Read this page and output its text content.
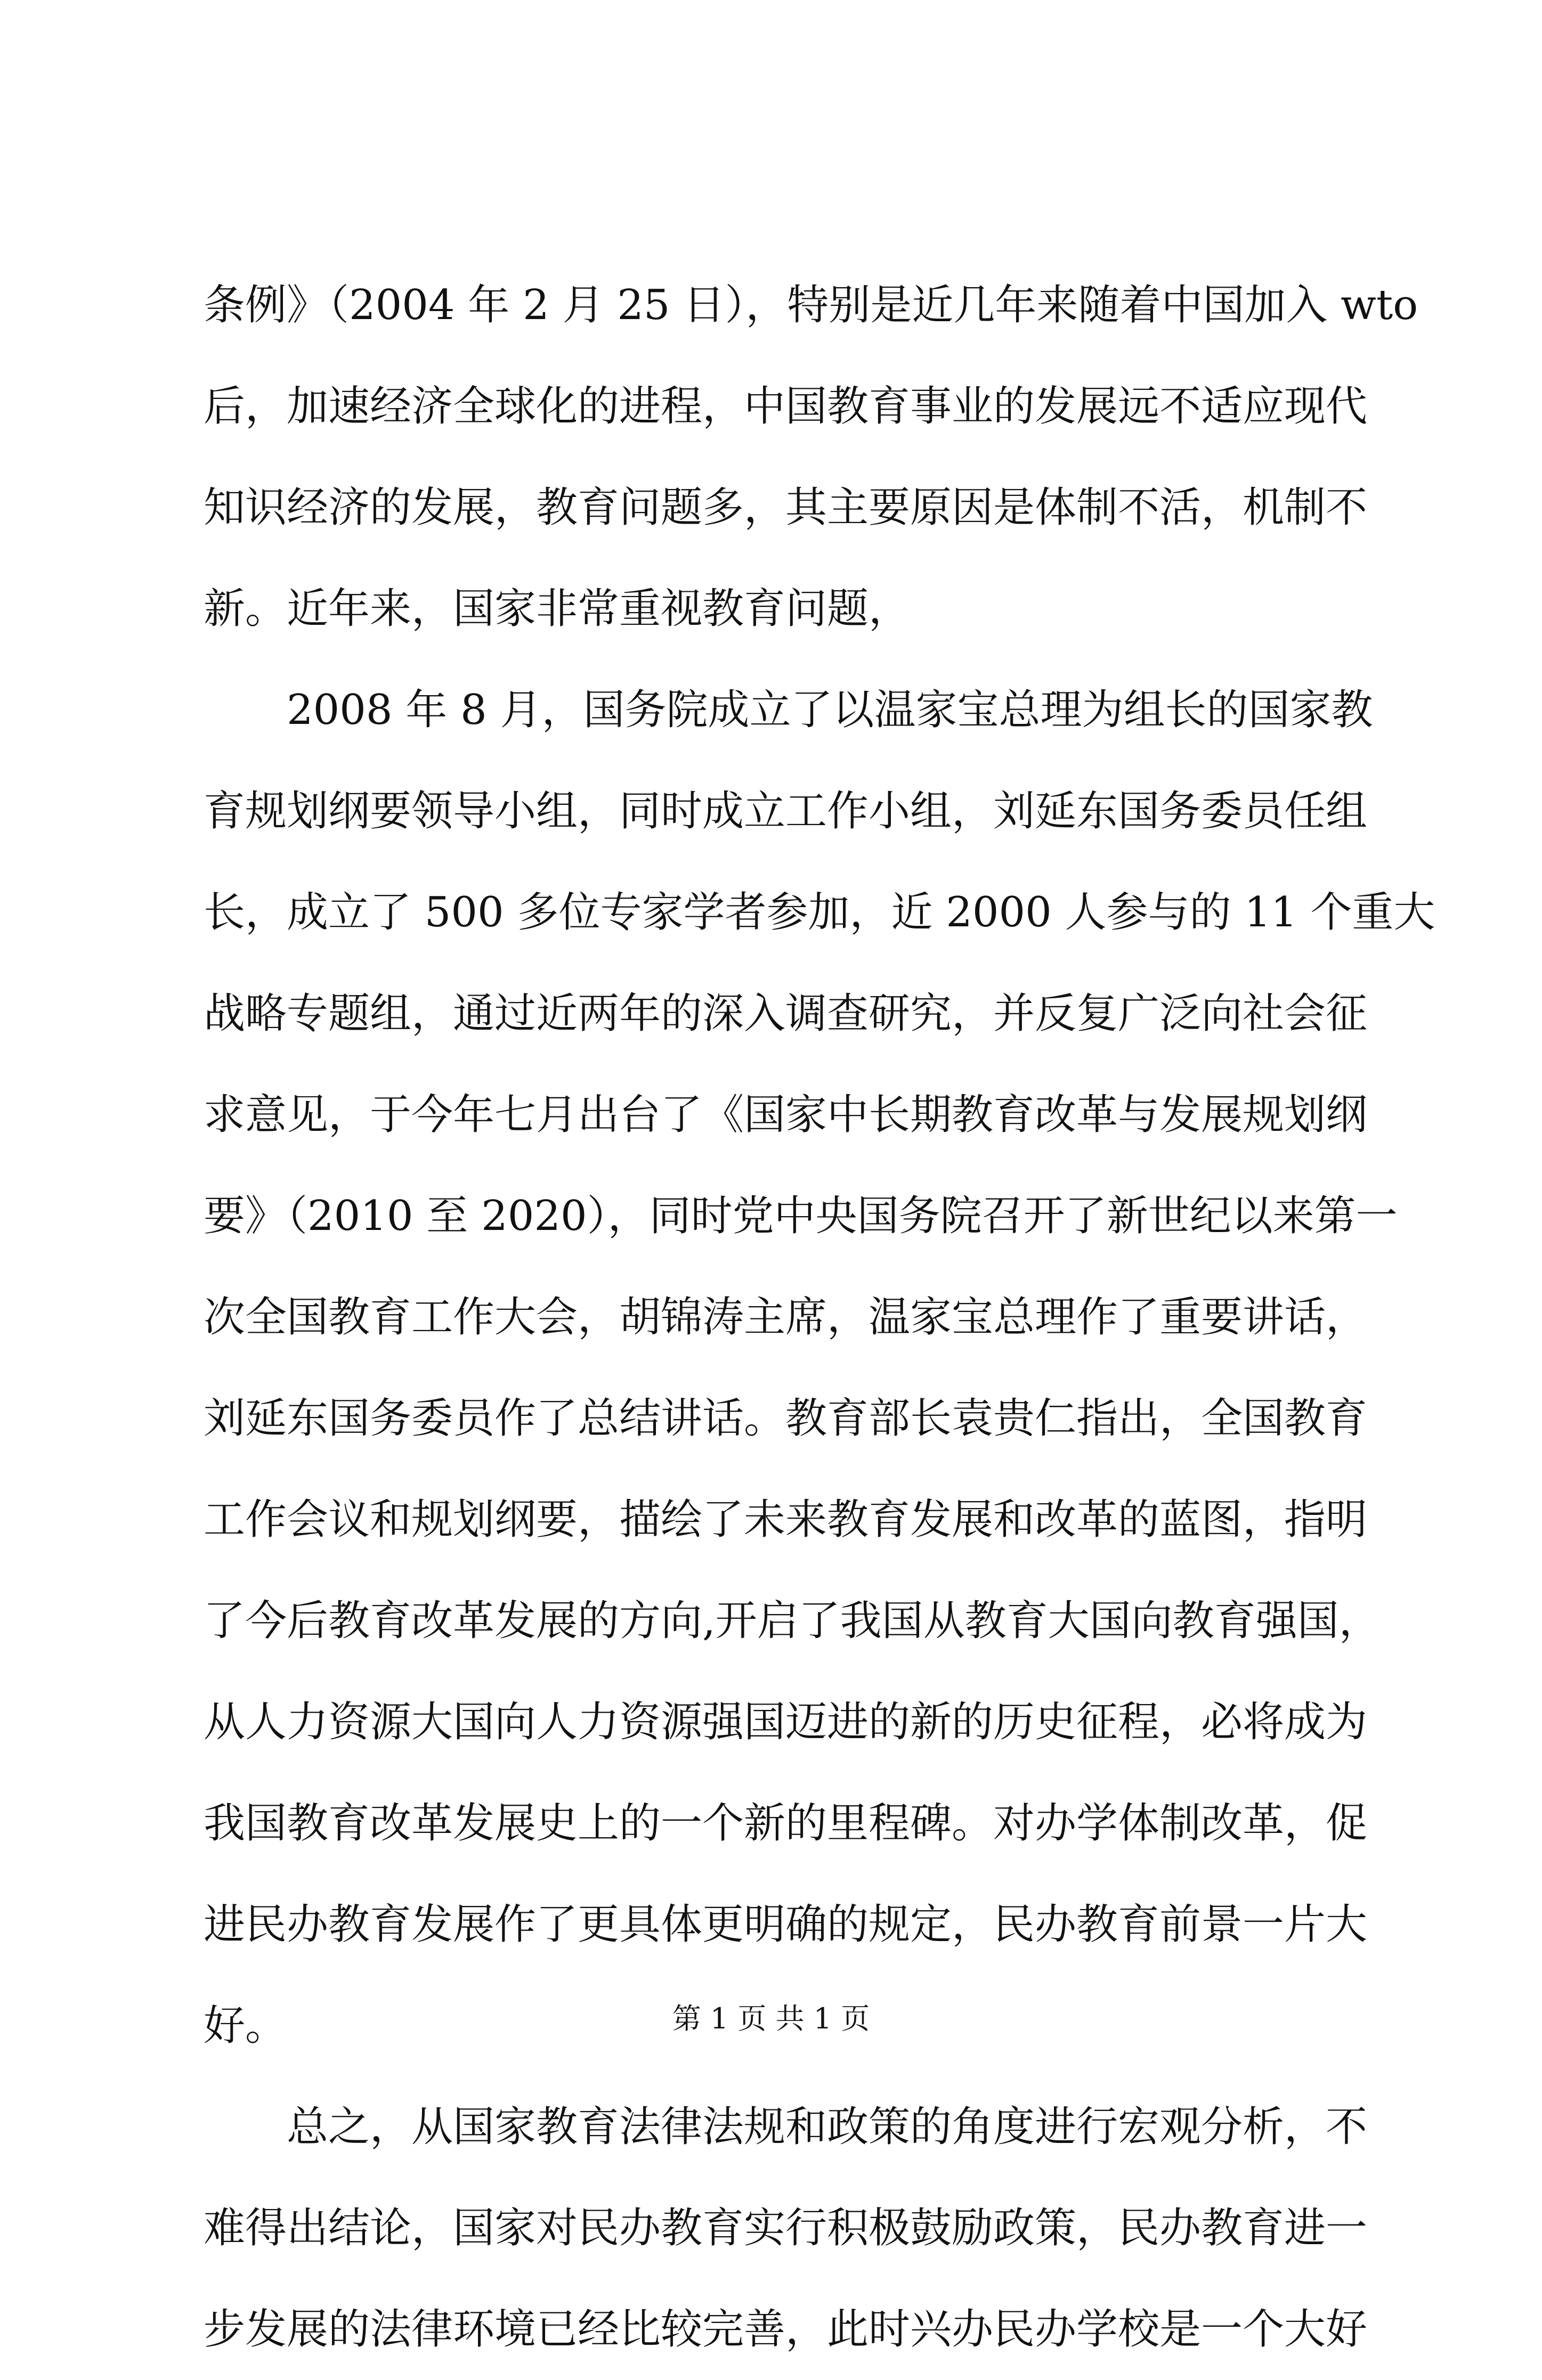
条例》（2004 年 2 月 25 日），特别是近几年来随着中国加入 wto
后，加速经济全球化的进程，中国教育事业的发展远不适应现代
知识经济的发展，教育问题多，其主要原因是体制不活，机制不
新。近年来，国家非常重视教育问题，
　　2008 年 8 月，国务院成立了以温家宝总理为组长的国家教
育规划纲要领导小组，同时成立工作小组，刘延东国务委员任组
长，成立了 500 多位专家学者参加，近 2000 人参与的 11 个重大
战略专题组，通过近两年的深入调查研究，并反复广泛向社会征
求意见，于今年七月出台了《国家中长期教育改革与发展规划纲
要》（2010 至 2020），同时党中央国务院召开了新世纪以来第一
次全国教育工作大会，胡锦涛主席，温家宝总理作了重要讲话，
刘延东国务委员作了总结讲话。教育部长袁贵仁指出，全国教育
工作会议和规划纲要，描绘了未来教育发展和改革的蓝图，指明
了今后教育改革发展的方向,开启了我国从教育大国向教育强国，
从人力资源大国向人力资源强国迈进的新的历史征程，必将成为
我国教育改革发展史上的一个新的里程碑。对办学体制改革，促
进民办教育发展作了更具体更明确的规定，民办教育前景一片大
好。
　　总之，从国家教育法律法规和政策的角度进行宏观分析，不
难得出结论，国家对民办教育实行积极鼓励政策，民办教育进一
步发展的法律环境已经比较完善，此时兴办民办学校是一个大好
第 1 页 共 1 页
